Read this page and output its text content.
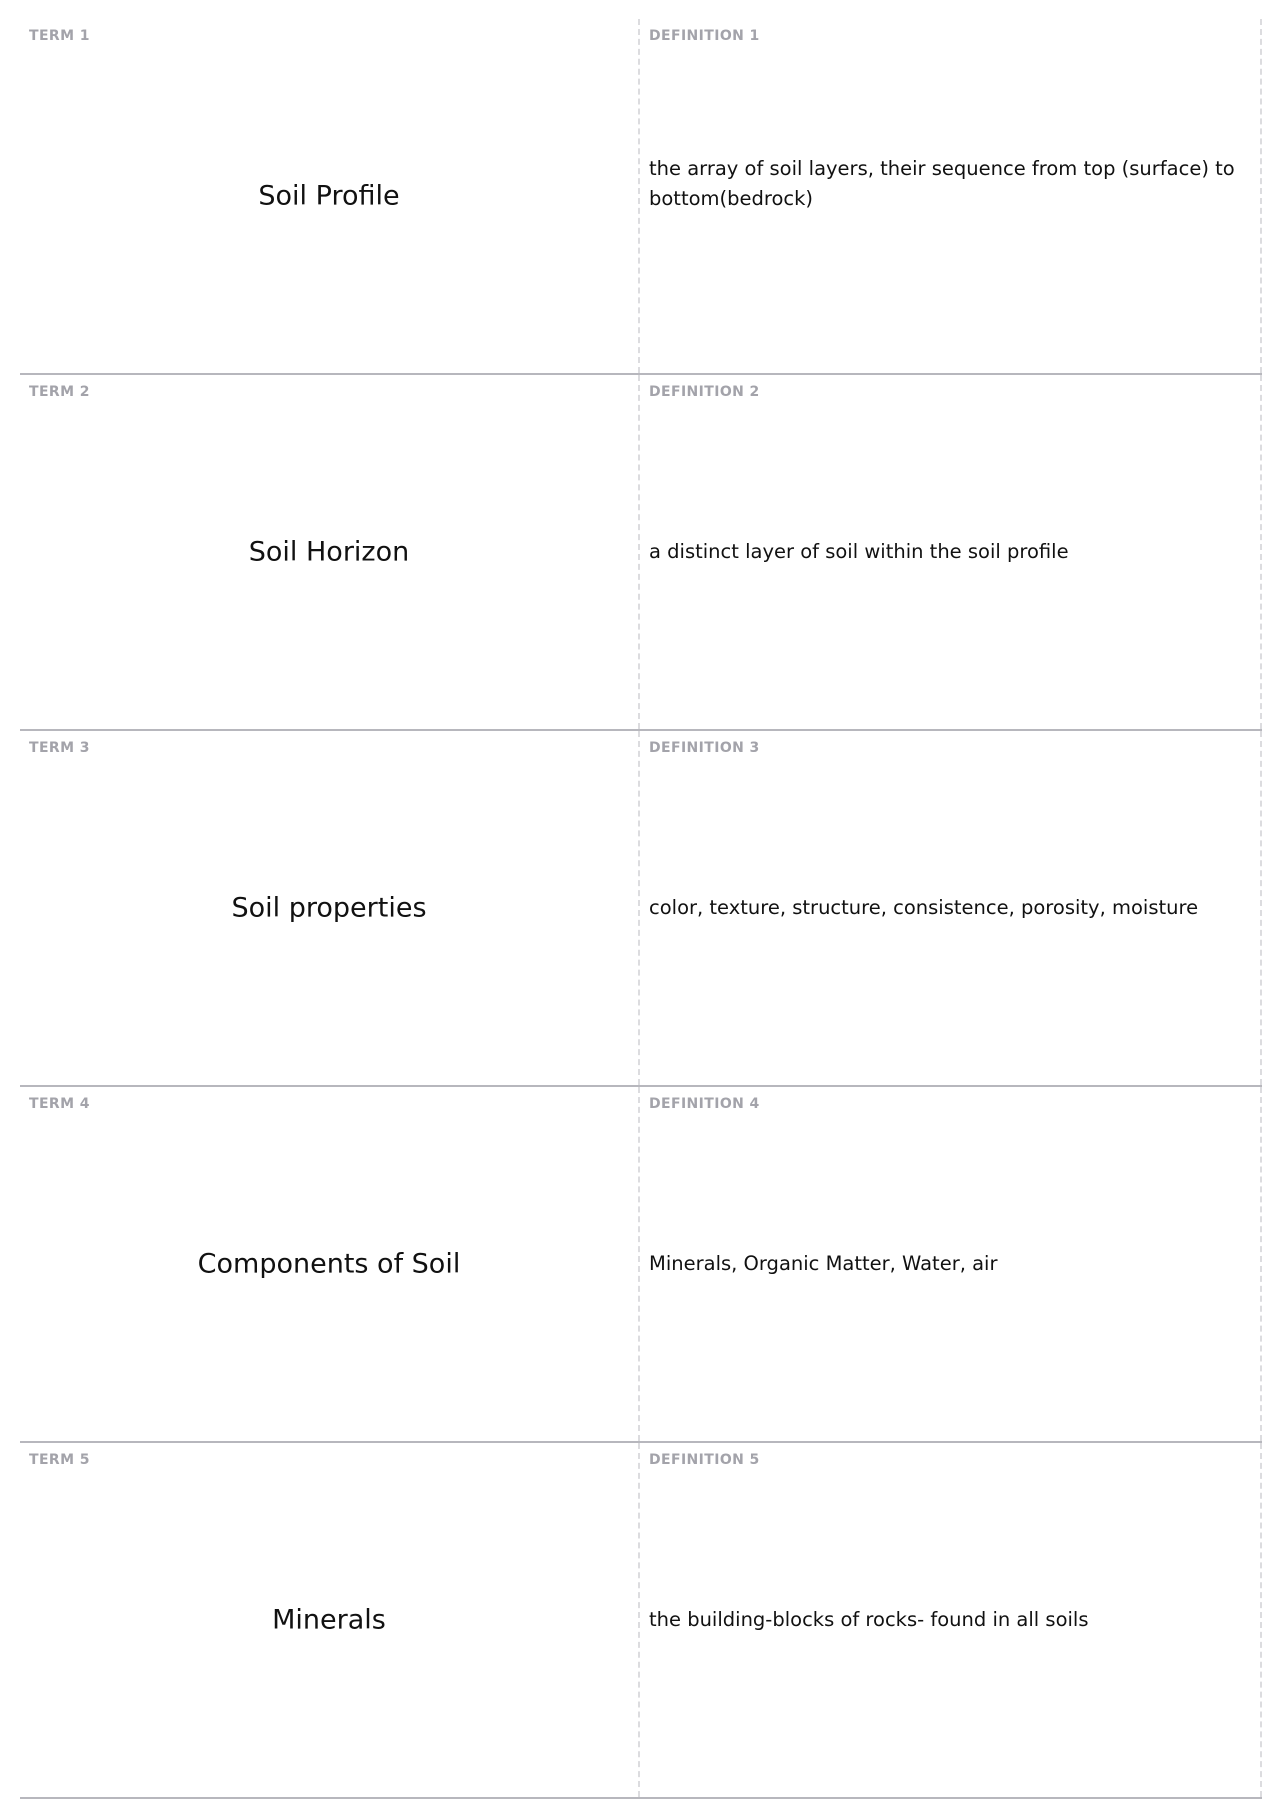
TERM 1
Soil Profile
DEFINITION 1
the array of soil layers, their sequence from top (surface) to bottom(bedrock)
TERM 2
Soil Horizon
DEFINITION 2
a distinct layer of soil within the soil profile
TERM 3
Soil properties
DEFINITION 3
color, texture, structure, consistence, porosity, moisture
TERM 4
Components of Soil
DEFINITION 4
Minerals, Organic Matter, Water, air
TERM 5
Minerals
DEFINITION 5
the building-blocks of rocks- found in all soils
